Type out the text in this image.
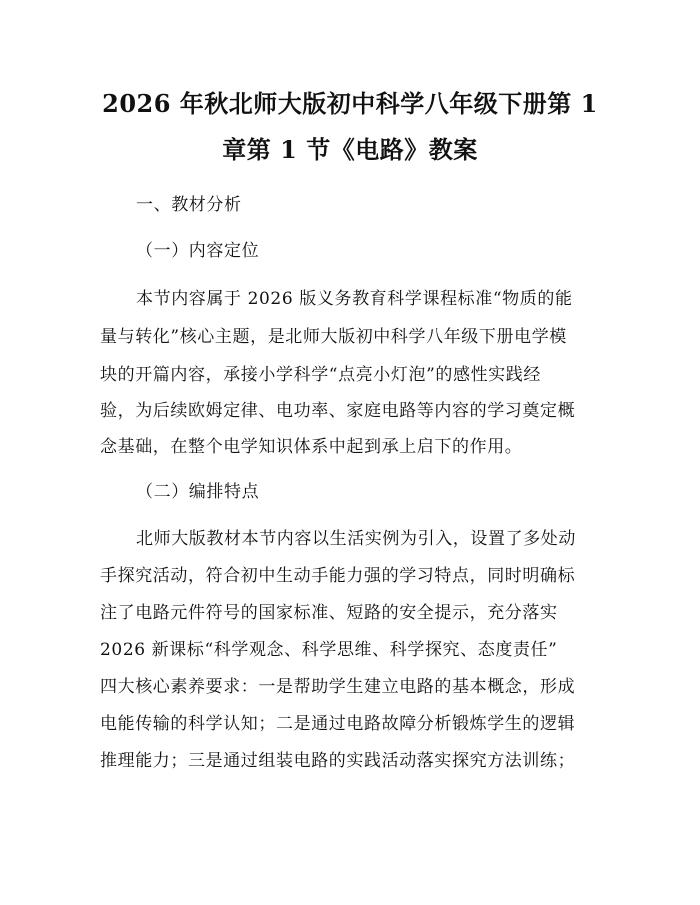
2026 年秋北师大版初中科学八年级下册第 1
章第 1 节《电路》教案
一、教材分析
（一）内容定位
本节内容属于 2026 版义务教育科学课程标准“物质的能
量与转化”核心主题，是北师大版初中科学八年级下册电学模
块的开篇内容，承接小学科学“点亮小灯泡”的感性实践经
验，为后续欧姆定律、电功率、家庭电路等内容的学习奠定概
念基础，在整个电学知识体系中起到承上启下的作用。
（二）编排特点
北师大版教材本节内容以生活实例为引入，设置了多处动
手探究活动，符合初中生动手能力强的学习特点，同时明确标
注了电路元件符号的国家标准、短路的安全提示，充分落实
2026 新课标“科学观念、科学思维、科学探究、态度责任”
四大核心素养要求：一是帮助学生建立电路的基本概念，形成
电能传输的科学认知；二是通过电路故障分析锻炼学生的逻辑
推理能力；三是通过组装电路的实践活动落实探究方法训练；
